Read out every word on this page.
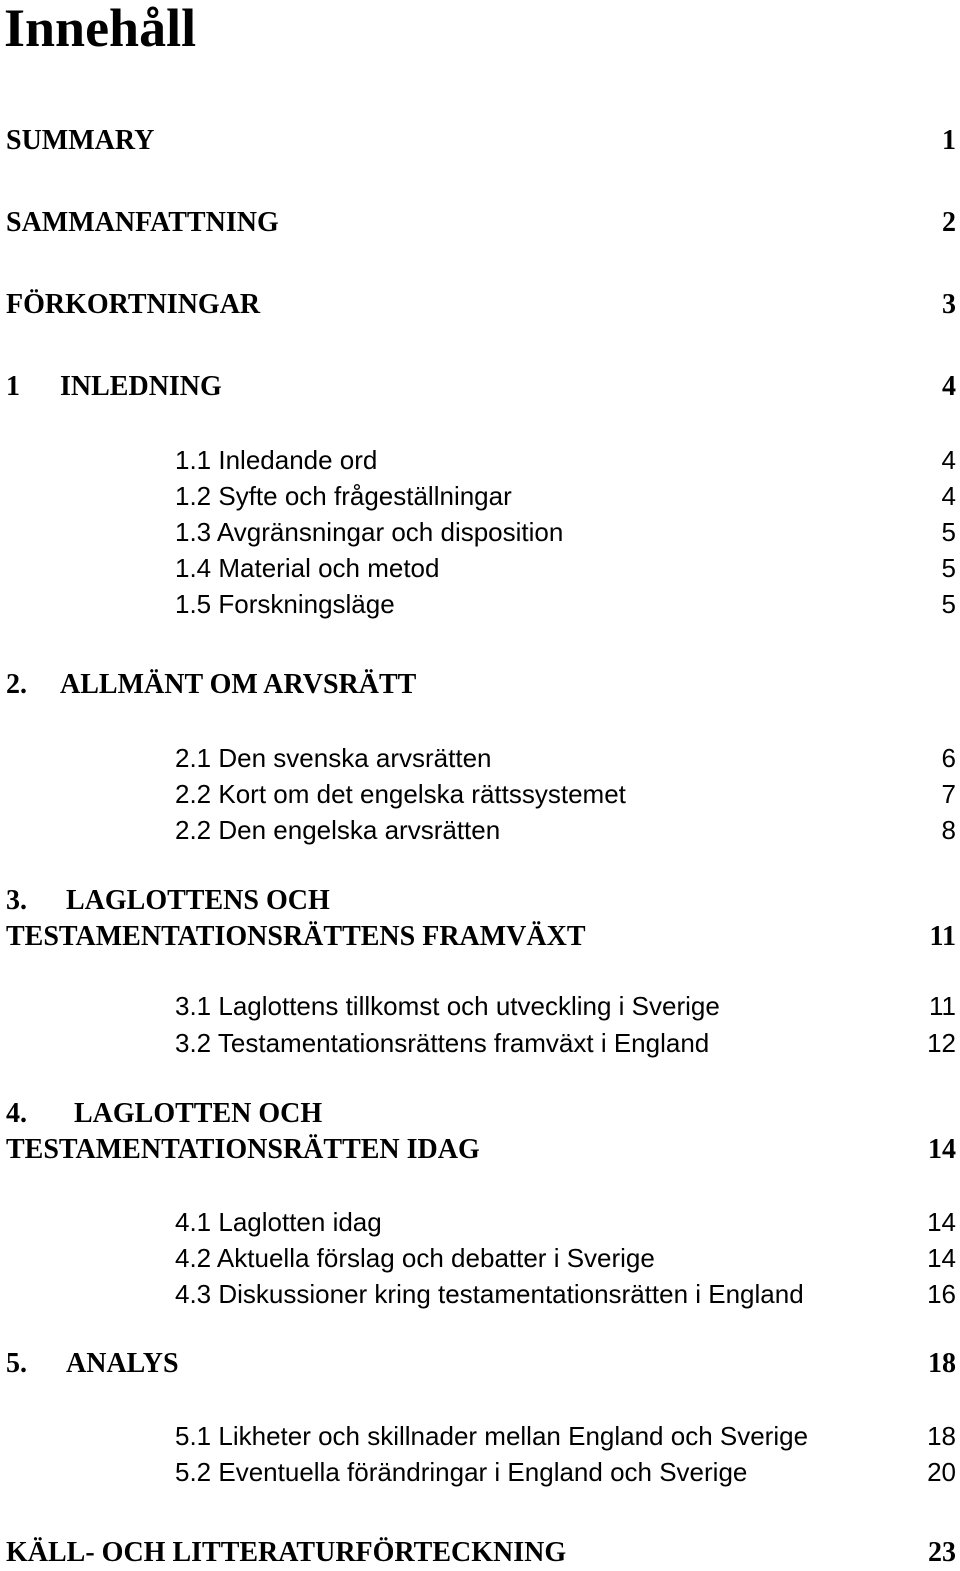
Innehåll
SUMMARY	1
SAMMANFATTNING	2
FÖRKORTNINGAR	3
1 INLEDNING	4
1.1 Inledande ord	4
1.2 Syfte och frågeställningar	4
1.3 Avgränsningar och disposition	5
1.4 Material och metod	5
1.5 Forskningsläge	5
2. ALLMÄNT OM ARVSRÄTT
2.1 Den svenska arvsrätten	6
2.2 Kort om det engelska rättssystemet	7
2.2 Den engelska arvsrätten	8
3. LAGLOTTENS OCH
TESTAMENTATIONSRÄTTENS FRAMVÄXT	11
3.1 Laglottens tillkomst och utveckling i Sverige	11
3.2 Testamentationsrättens framväxt i England	12
4. LAGLOTTEN OCH
TESTAMENTATIONSRÄTTEN IDAG	14
4.1 Laglotten idag	14
4.2 Aktuella förslag och debatter i Sverige	14
4.3 Diskussioner kring testamentationsrätten i England	16
5. ANALYS	18
5.1 Likheter och skillnader mellan England och Sverige	18
5.2 Eventuella förändringar i England och Sverige	20
KÄLL- OCH LITTERATURFÖRTECKNING	23
